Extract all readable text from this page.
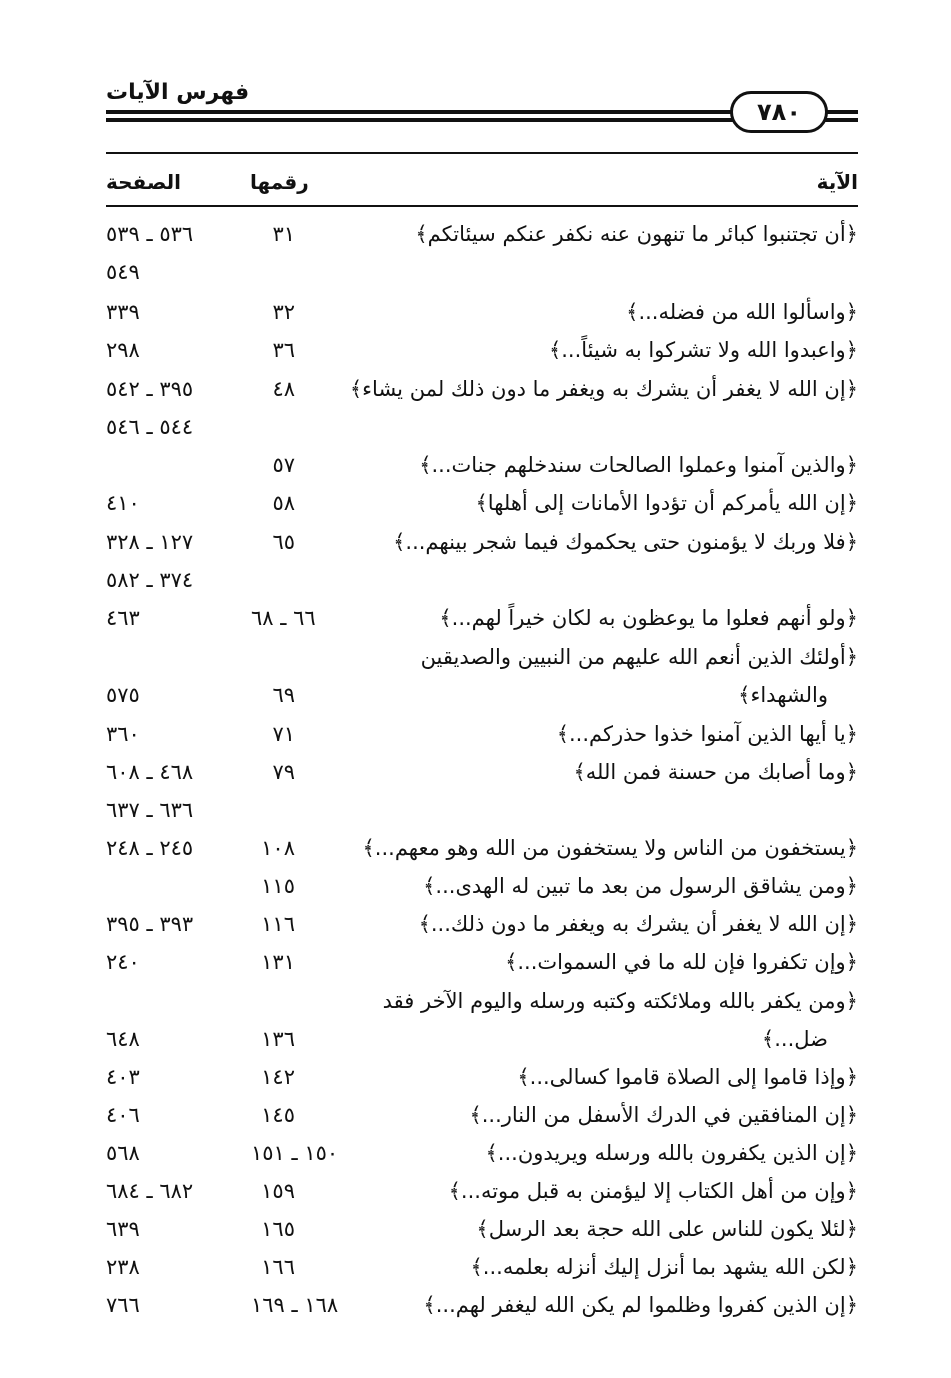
فهرس الآيات
٧٨٠
الصفحة	رقمها	الآية
﴿أن تجتنبوا كبائر ما تنهون عنه نكفر عنكم سيئاتكم﴾
٣١
٥٣٦ ـ ٥٣٩
٥٤٩
﴿واسألوا الله من فضله...﴾
٣٢
٣٣٩
﴿واعبدوا الله ولا تشركوا به شيئاً...﴾
٣٦
٢٩٨
﴿إن الله لا يغفر أن يشرك به ويغفر ما دون ذلك لمن يشاء﴾
٤٨
٣٩٥ ـ ٥٤٢
٥٤٤ ـ ٥٤٦
﴿والذين آمنوا وعملوا الصالحات سندخلهم جنات...﴾
٥٧
﴿إن الله يأمركم أن تؤدوا الأمانات إلى أهلها﴾
٥٨
٤١٠
﴿فلا وربك لا يؤمنون حتى يحكموك فيما شجر بينهم...﴾
٦٥
١٢٧ ـ ٣٢٨
٣٧٤ ـ ٥٨٢
﴿ولو أنهم فعلوا ما يوعظون به لكان خيراً لهم...﴾
٦٦ ـ ٦٨
٤٦٣
﴿أولئك الذين أنعم الله عليهم من النبيين والصديقين
والشهداء﴾
٦٩
٥٧٥
﴿يا أيها الذين آمنوا خذوا حذركم...﴾
٧١
٣٦٠
﴿وما أصابك من حسنة فمن الله﴾
٧٩
٤٦٨ ـ ٦٠٨
٦٣٦ ـ ٦٣٧
﴿يستخفون من الناس ولا يستخفون من الله وهو معهم...﴾
١٠٨
٢٤٥ ـ ٢٤٨
﴿ومن يشاقق الرسول من بعد ما تبين له الهدى...﴾
١١٥
﴿إن الله لا يغفر أن يشرك به ويغفر ما دون ذلك...﴾
١١٦
٣٩٣ ـ ٣٩٥
﴿وإن تكفروا فإن لله ما في السموات...﴾
١٣١
٢٤٠
﴿ومن يكفر بالله وملائكته وكتبه ورسله واليوم الآخر فقد
ضل...﴾
١٣٦
٦٤٨
﴿وإذا قاموا إلى الصلاة قاموا كسالى...﴾
١٤٢
٤٠٣
﴿إن المنافقين في الدرك الأسفل من النار...﴾
١٤٥
٤٠٦
﴿إن الذين يكفرون بالله ورسله ويريدون...﴾
١٥٠ ـ ١٥١
٥٦٨
﴿وإن من أهل الكتاب إلا ليؤمنن به قبل موته...﴾
١٥٩
٦٨٢ ـ ٦٨٤
﴿لئلا يكون للناس على الله حجة بعد الرسل﴾
١٦٥
٦٣٩
﴿لكن الله يشهد بما أنزل إليك أنزله بعلمه...﴾
١٦٦
٢٣٨
﴿إن الذين كفروا وظلموا لم يكن الله ليغفر لهم...﴾
١٦٨ ـ ١٦٩
٧٦٦
